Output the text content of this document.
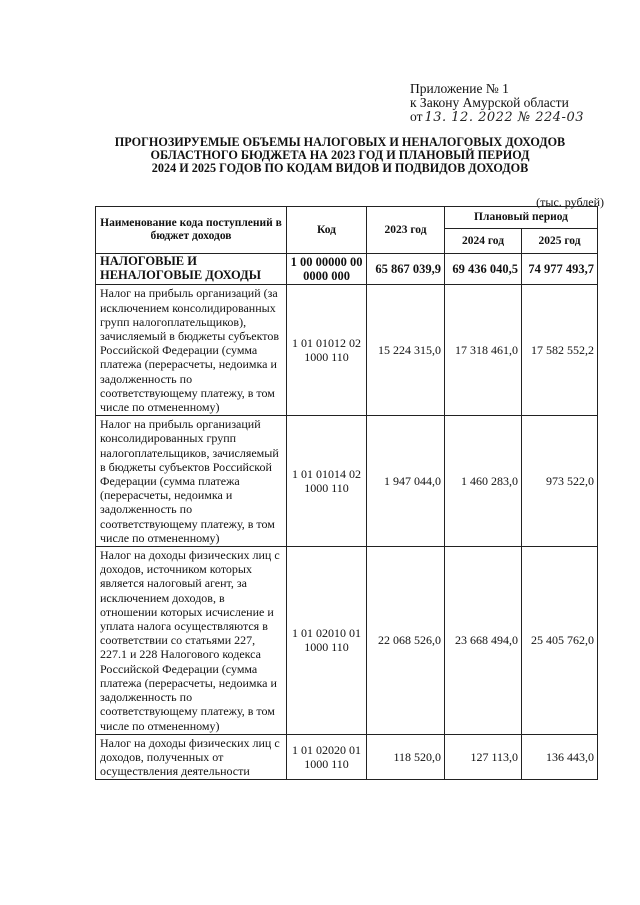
Приложение № 1
к Закону Амурской области
от 13. 12. 2022 № 224-03
ПРОГНОЗИРУЕМЫЕ ОБЪЕМЫ НАЛОГОВЫХ И НЕНАЛОГОВЫХ ДОХОДОВ
ОБЛАСТНОГО БЮДЖЕТА НА 2023 ГОД И ПЛАНОВЫЙ ПЕРИОД
2024 И 2025 ГОДОВ ПО КОДАМ ВИДОВ И ПОДВИДОВ ДОХОДОВ
(тыс. рублей)
Наименование кода поступлений в бюджет доходов	Код	2023 год	Плановый период	
			2024 год	2025 год
НАЛОГОВЫЕ И НЕНАЛОГОВЫЕ ДОХОДЫ	1 00 00000 00 0000 000	65 867 039,9	69 436 040,5	74 977 493,7
Налог на прибыль организаций (за исключением консолидированных групп налогоплательщиков), зачисляемый в бюджеты субъектов Российской Федерации (сумма платежа (перерасчеты, недоимка и задолженность по соответствующему платежу, в том числе по отмененному)	1 01 01012 02 1000 110	15 224 315,0	17 318 461,0	17 582 552,2
Налог на прибыль организаций консолидированных групп налогоплательщиков, зачисляемый в бюджеты субъектов Российской Федерации (сумма платежа (перерасчеты, недоимка и задолженность по соответствующему платежу, в том числе по отмененному)	1 01 01014 02 1000 110	1 947 044,0	1 460 283,0	973 522,0
Налог на доходы физических лиц с доходов, источником которых является налоговый агент, за исключением доходов, в отношении которых исчисление и уплата налога осуществляются в соответствии со статьями 227, 227.1 и 228 Налогового кодекса Российской Федерации (сумма платежа (перерасчеты, недоимка и задолженность по соответствующему платежу, в том числе по отмененному)	1 01 02010 01 1000 110	22 068 526,0	23 668 494,0	25 405 762,0
Налог на доходы физических лиц с доходов, полученных от осуществления деятельности	1 01 02020 01 1000 110	118 520,0	127 113,0	136 443,0
